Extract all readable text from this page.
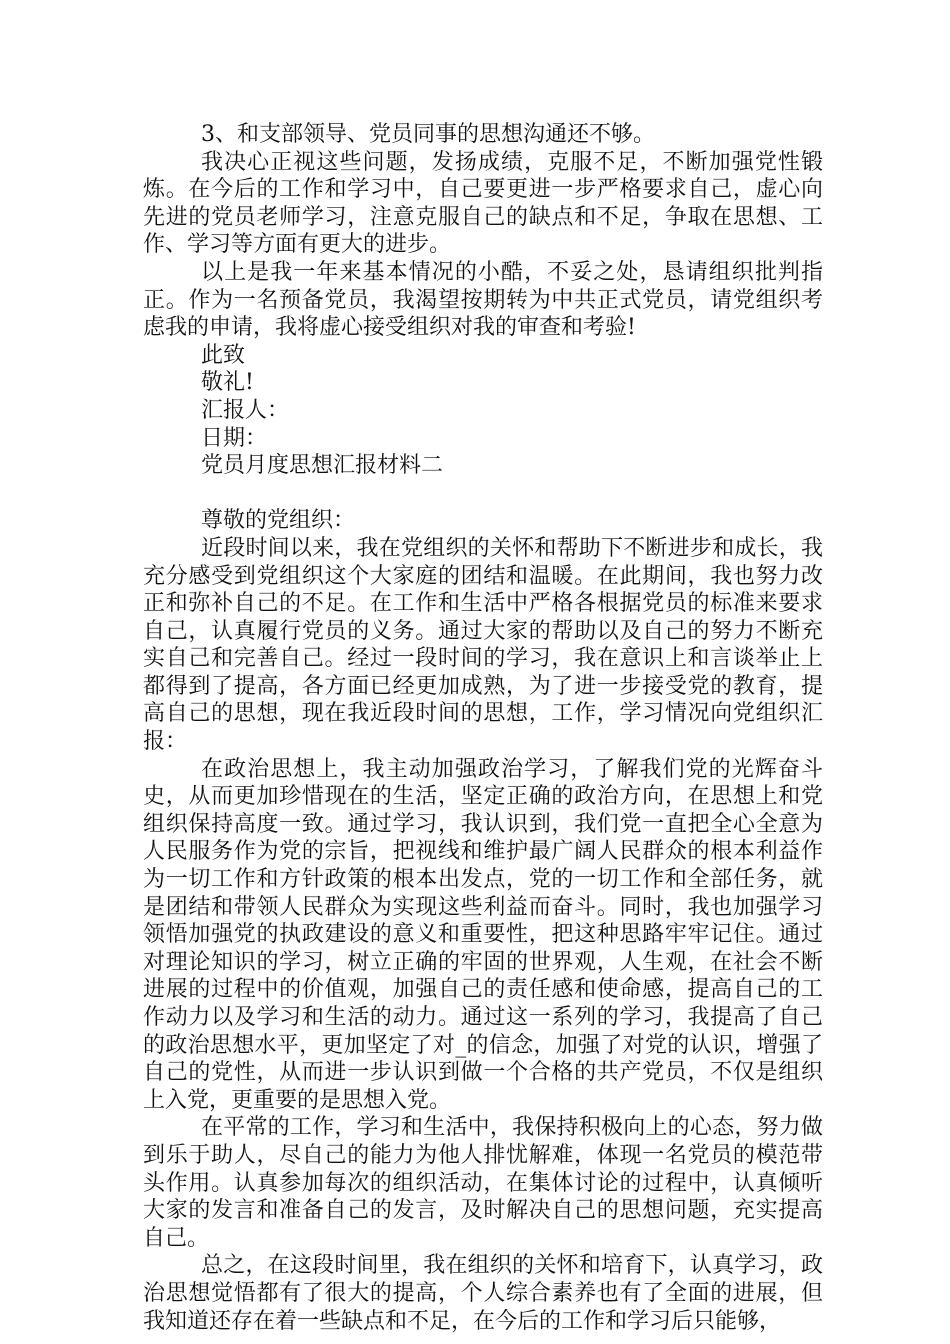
3、和支部领导、党员同事的思想沟通还不够。

我决心正视这些问题，发扬成绩，克服不足，不断加强党性锻炼。在今后的工作和学习中，自己要更进一步严格要求自己，虚心向先进的党员老师学习，注意克服自己的缺点和不足，争取在思想、工作、学习等方面有更大的进步。

以上是我一年来基本情况的小酷，不妥之处，恳请组织批判指正。作为一名预备党员，我渴望按期转为中共正式党员，请党组织考虑我的申请，我将虚心接受组织对我的审查和考验!

此致

敬礼!

汇报人：

日期：

党员月度思想汇报材料二

尊敬的党组织：

近段时间以来，我在党组织的关怀和帮助下不断进步和成长，我充分感受到党组织这个大家庭的团结和温暖。在此期间，我也努力改正和弥补自己的不足。在工作和生活中严格各根据党员的标准来要求自己，认真履行党员的义务。通过大家的帮助以及自己的努力不断充实自己和完善自己。经过一段时间的学习，我在意识上和言谈举止上都得到了提高，各方面已经更加成熟，为了进一步接受党的教育，提高自己的思想，现在我近段时间的思想，工作，学习情况向党组织汇报：

在政治思想上，我主动加强政治学习，了解我们党的光辉奋斗史，从而更加珍惜现在的生活，坚定正确的政治方向，在思想上和党组织保持高度一致。通过学习，我认识到，我们党一直把全心全意为人民服务作为党的宗旨，把视线和维护最广阔人民群众的根本利益作为一切工作和方针政策的根本出发点，党的一切工作和全部任务，就是团结和带领人民群众为实现这些利益而奋斗。同时，我也加强学习领悟加强党的执政建设的意义和重要性，把这种思路牢牢记住。通过对理论知识的学习，树立正确的牢固的世界观，人生观，在社会不断进展的过程中的价值观，加强自己的责任感和使命感，提高自己的工作动力以及学习和生活的动力。通过这一系列的学习，我提高了自己的政治思想水平，更加坚定了对_的信念，加强了对党的认识，增强了自己的党性，从而进一步认识到做一个合格的共产党员，不仅是组织上入党，更重要的是思想入党。

在平常的工作，学习和生活中，我保持积极向上的心态，努力做到乐于助人，尽自己的能力为他人排忧解难，体现一名党员的模范带头作用。认真参加每次的组织活动，在集体讨论的过程中，认真倾听大家的发言和准备自己的发言，及时解决自己的思想问题，充实提高自己。

总之，在这段时间里，我在组织的关怀和培育下，认真学习，政治思想觉悟都有了很大的提高，个人综合素养也有了全面的进展，但我知道还存在着一些缺点和不足，在今后的工作和学习后只能够，
